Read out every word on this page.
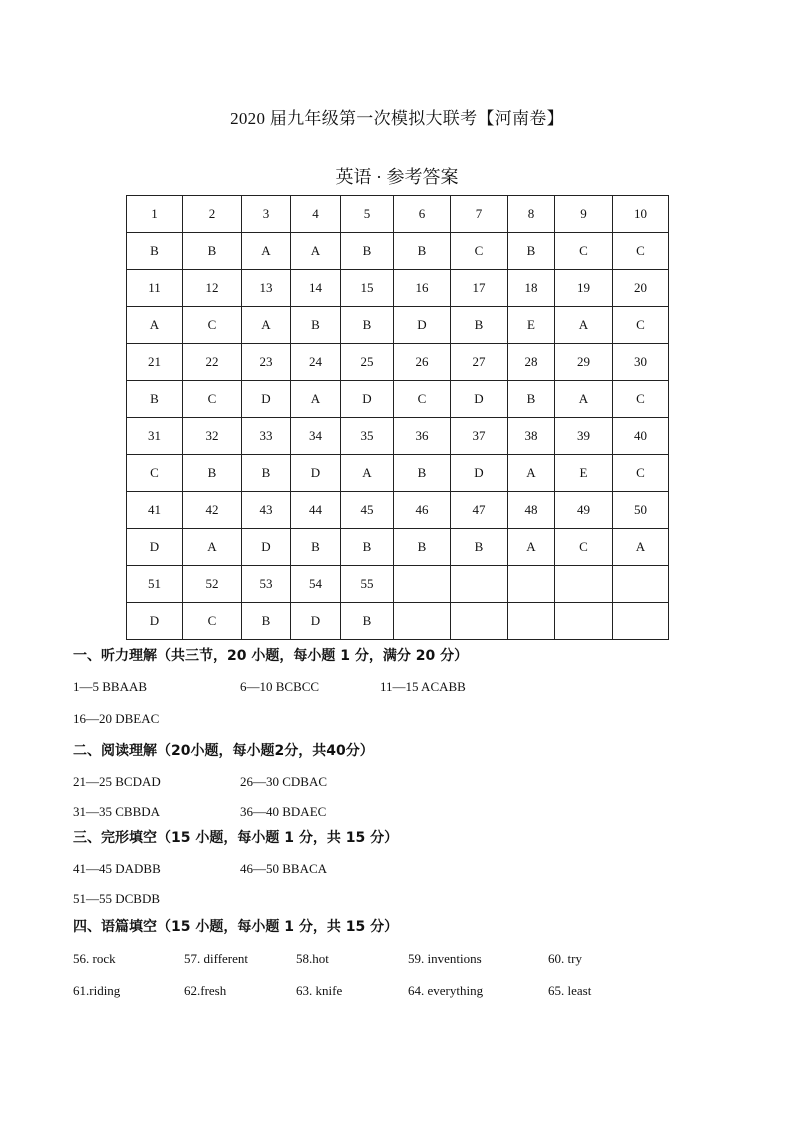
2020 届九年级第一次模拟大联考【河南卷】
英语 · 参考答案
1	2	3	4	5	6	7	8	9	10
B	B	A	A	B	B	C	B	C	C
11	12	13	14	15	16	17	18	19	20
A	C	A	B	B	D	B	E	A	C
21	22	23	24	25	26	27	28	29	30
B	C	D	A	D	C	D	B	A	C
31	32	33	34	35	36	37	38	39	40
C	B	B	D	A	B	D	A	E	C
41	42	43	44	45	46	47	48	49	50
D	A	D	B	B	B	B	A	C	A
51	52	53	54	55					
D	C	B	D	B					
一、听力理解（共三节，20 小题，每小题 1 分，满分 20 分）
1—5 BBAAB	6—10 BCBCC	11—15 ACABB
16—20 DBEAC
二、阅读理解（20小题，每小题2分，共40分）
21—25 BCDAD	26—30 CDBAC
31—35 CBBDA	36—40 BDAEC
三、完形填空（15 小题，每小题 1 分，共 15 分）
41—45 DADBB	46—50 BBACA
51—55 DCBDB
四、语篇填空（15 小题，每小题 1 分，共 15 分）
56. rock	57. different	58.hot	59. inventions	60. try
61.riding	62.fresh	63. knife	64. everything	65. least
